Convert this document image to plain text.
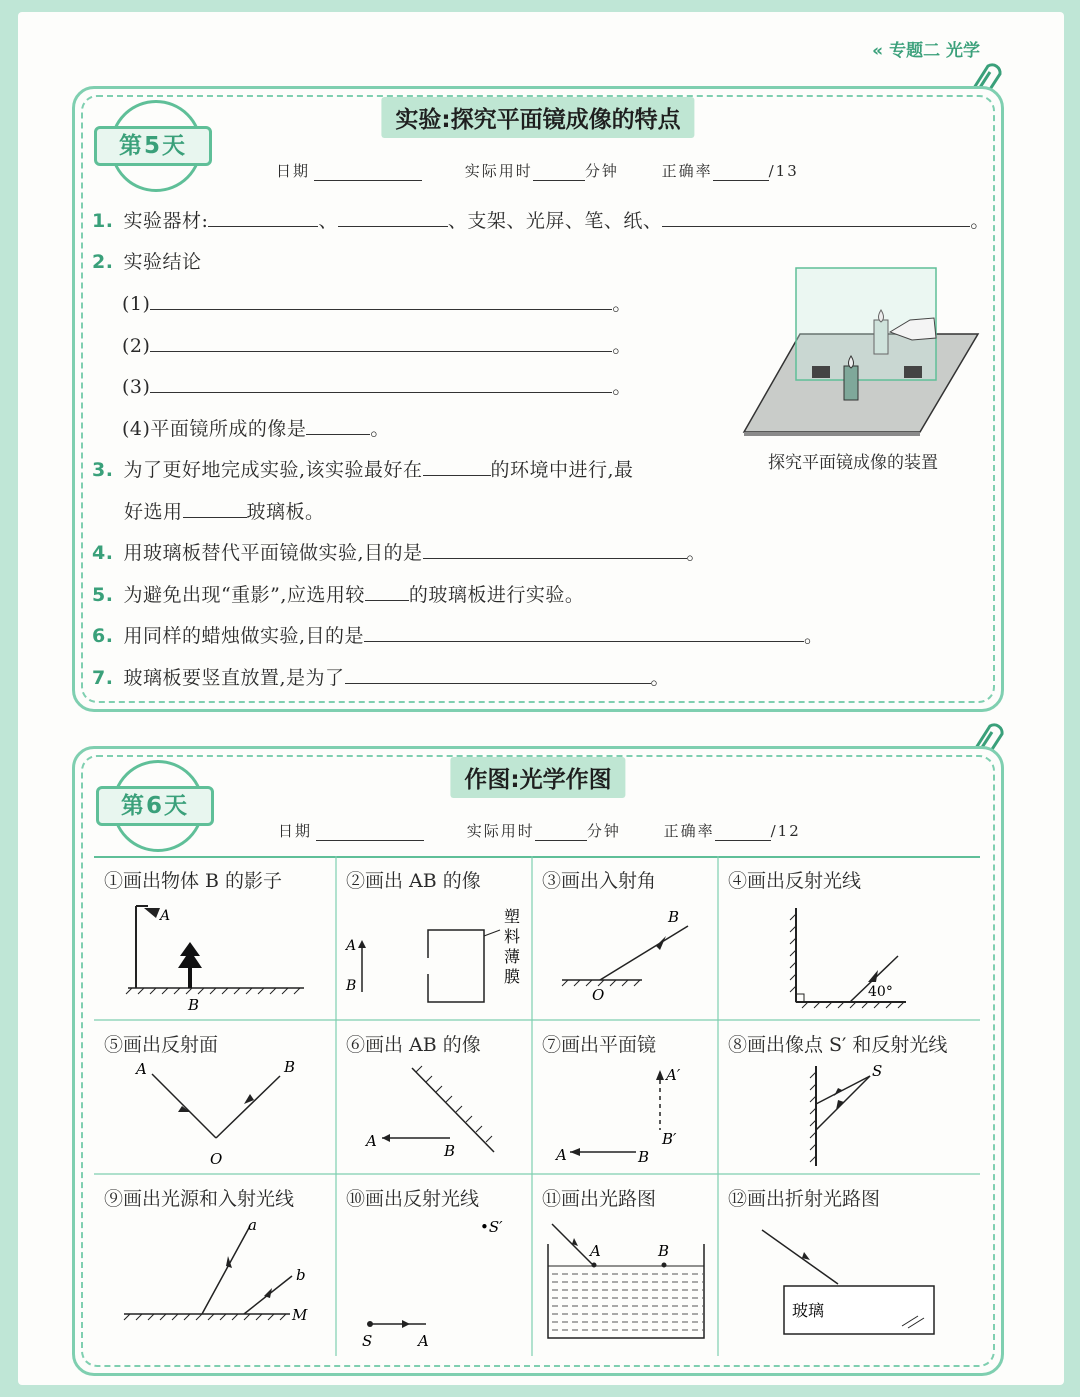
« 专题二 光学
实验:探究平面镜成像的特点
第5天
日期	实际用时	分钟	正确率	/13
1. 实验器材:	、	、支架、光屏、笔、纸、	。
2. 实验结论
(1)	。
(2)	。
(3)	。
(4)平面镜所成的像是	。
3. 为了更好地完成实验,该实验最好在	的环境中进行,最
好选用	玻璃板。
4. 用玻璃板替代平面镜做实验,目的是	。
5. 为避免出现“重影”,应选用较 的玻璃板进行实验。
6. 用同样的蜡烛做实验,目的是	。
7. 玻璃板要竖直放置,是为了	。
探究平面镜成像的装置
作图:光学作图
第6天
日期	实际用时	分钟	正确率	/12
①画出物体 B 的影子
A
B
②画出 AB 的像
A
B
塑
料
薄
膜
③画出入射角
B
O
④画出反射光线
40°
⑤画出反射面
A	B
O
⑥画出 AB 的像
A
B
⑦画出平面镜
A′
B′
A	B
⑧画出像点 S′ 和反射光线
S
⑨画出光源和入射光线
a
b
M
⑩画出反射光线
•S′
S	A
⑪画出光路图
A	B
⑫画出折射光路图
玻璃
